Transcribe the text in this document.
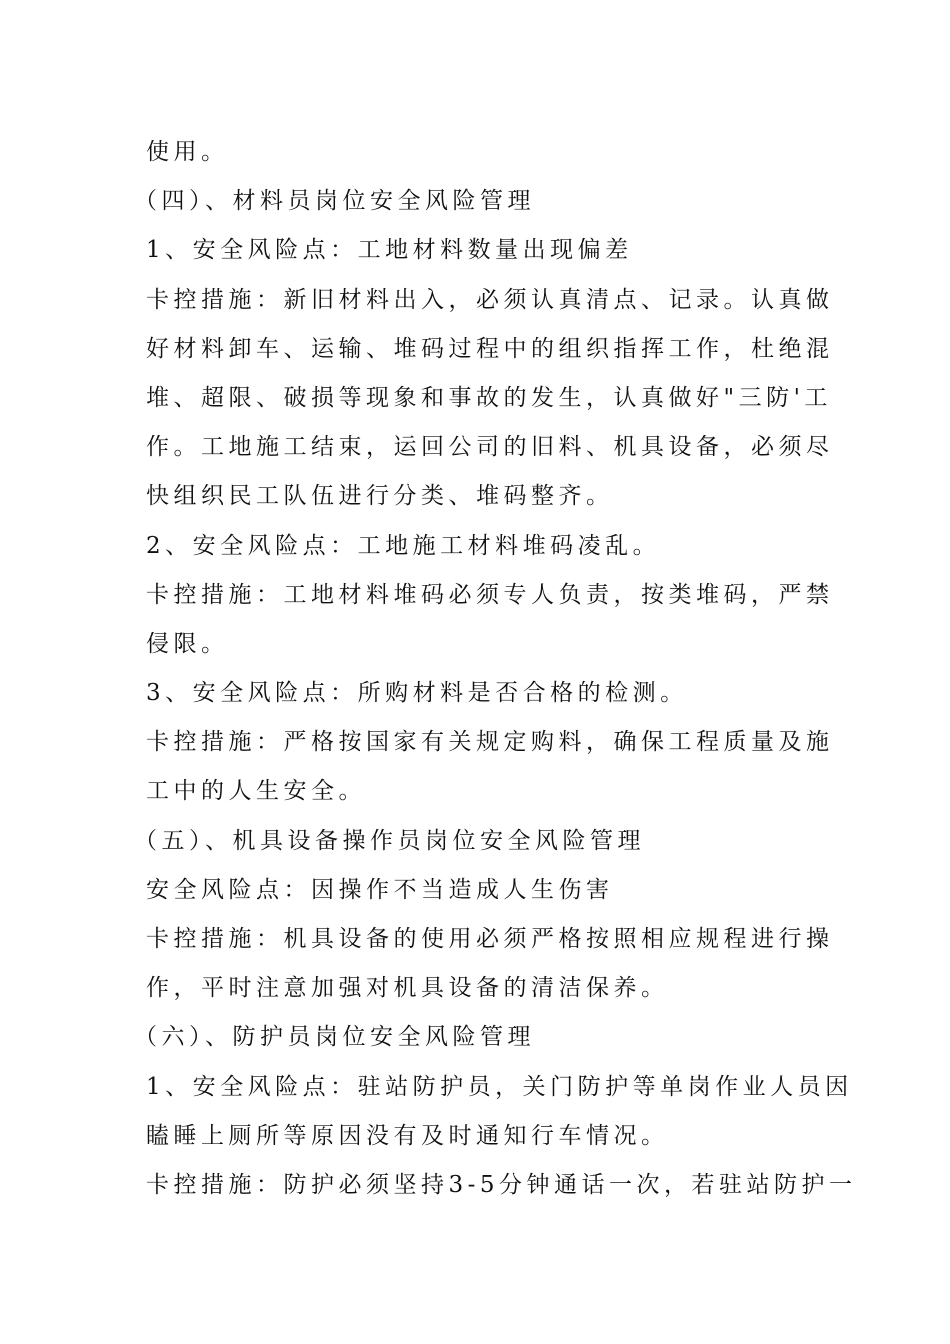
使用。
（四）、材料员岗位安全风险管理
1、安全风险点：工地材料数量出现偏差
卡控措施：新旧材料出入，必须认真清点、记录。认真做
好材料卸车、运输、堆码过程中的组织指挥工作，杜绝混
堆、超限、破损等现象和事故的发生，认真做好"三防'工
作。工地施工结束，运回公司的旧料、机具设备，必须尽
快组织民工队伍进行分类、堆码整齐。
2、安全风险点：工地施工材料堆码凌乱。
卡控措施：工地材料堆码必须专人负责，按类堆码，严禁
侵限。
3、安全风险点：所购材料是否合格的检测。
卡控措施：严格按国家有关规定购料，确保工程质量及施
工中的人生安全。
（五）、机具设备操作员岗位安全风险管理
安全风险点：因操作不当造成人生伤害
卡控措施：机具设备的使用必须严格按照相应规程进行操
作，平时注意加强对机具设备的清洁保养。
（六）、防护员岗位安全风险管理
1、安全风险点：驻站防护员，关门防护等单岗作业人员因
瞌睡上厕所等原因没有及时通知行车情况。
卡控措施：防护必须坚持3-5分钟通话一次，若驻站防护一
